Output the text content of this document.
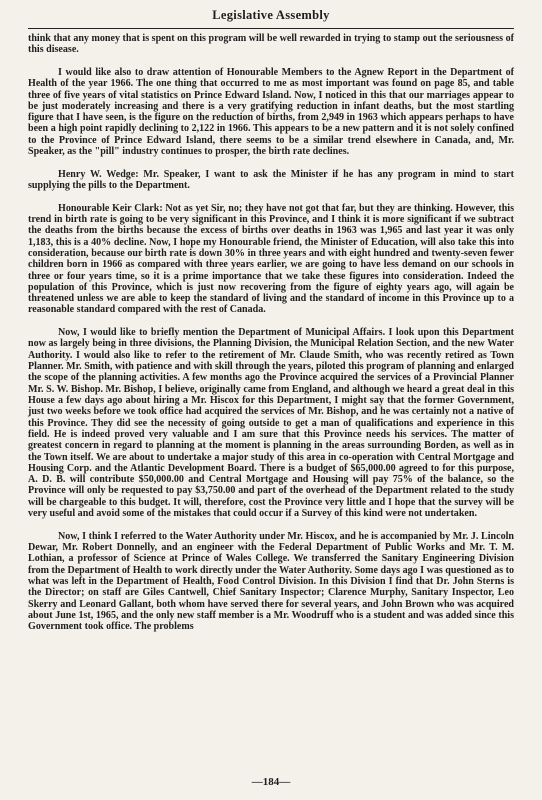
Legislative Assembly

think that any money that is spent on this program will be well rewarded in trying to stamp out the seriousness of this disease.

I would like also to draw attention of Honourable Members to the Agnew Report in the Department of Health of the year 1966. The one thing that occurred to me as most important was found on page 85, and table three of five years of vital statistics on Prince Edward Island. Now, I noticed in this that our marriages appear to be just moderately increasing and there is a very gratifying reduction in infant deaths, but the most startling figure that I have seen, is the figure on the reduction of births, from 2,949 in 1963 which appears perhaps to have been a high point rapidly declining to 2,122 in 1966. This appears to be a new pattern and it is not solely confined to the Province of Prince Edward Island, there seems to be a similar trend elsewhere in Canada, and, Mr. Speaker, as the "pill" industry continues to prosper, the birth rate declines.

Henry W. Wedge: Mr. Speaker, I want to ask the Minister if he has any program in mind to start supplying the pills to the Department.

Honourable Keir Clark: Not as yet Sir, no; they have not got that far, but they are thinking. However, this trend in birth rate is going to be very significant in this Province, and I think it is more significant if we subtract the deaths from the births because the excess of births over deaths in 1963 was 1,965 and last year it was only 1,183, this is a 40% decline. Now, I hope my Honourable friend, the Minister of Education, will also take this into consideration, because our birth rate is down 30% in three years and with eight hundred and twenty-seven fewer children born in 1966 as compared with three years earlier, we are going to have less demand on our schools in three or four years time, so it is a prime importance that we take these figures into consideration. Indeed the population of this Province, which is just now recovering from the figure of eighty years ago, will again be threatened unless we are able to keep the standard of living and the standard of income in this Province up to a reasonable standard compared with the rest of Canada.

Now, I would like to briefly mention the Department of Municipal Affairs. I look upon this Department now as largely being in three divisions, the Planning Division, the Municipal Relation Section, and the new Water Authority. I would also like to refer to the retirement of Mr. Claude Smith, who was recently retired as Town Planner. Mr. Smith, with patience and with skill through the years, piloted this program of planning and enlarged the scope of the planning activities. A few months ago the Province acquired the services of a Provincial Planner Mr. S. W. Bishop. Mr. Bishop, I believe, originally came from England, and although we heard a great deal in this House a few days ago about hiring a Mr. Hiscox for this Department, I might say that the former Government, just two weeks before we took office had acquired the services of Mr. Bishop, and he was certainly not a native of this Province. They did see the necessity of going outside to get a man of qualifications and experience in this field. He is indeed proved very valuable and I am sure that this Province needs his services. The matter of greatest concern in regard to planning at the moment is planning in the areas surrounding Borden, as well as in the Town itself. We are about to undertake a major study of this area in co-operation with Central Mortgage and Housing Corp. and the Atlantic Development Board. There is a budget of $65,000.00 agreed to for this purpose, A. D. B. will contribute $50,000.00 and Central Mortgage and Housing will pay 75% of the balance, so the Province will only be requested to pay $3,750.00 and part of the overhead of the Department related to the study will be chargeable to this budget. It will, therefore, cost the Province very little and I hope that the survey will be very useful and avoid some of the mistakes that could occur if a Survey of this kind were not undertaken.

Now, I think I referred to the Water Authority under Mr. Hiscox, and he is accompanied by Mr. J. Lincoln Dewar, Mr. Robert Donnelly, and an engineer with the Federal Department of Public Works and Mr. T. M. Lothian, a professor of Science at Prince of Wales College. We transferred the Sanitary Engineering Division from the Department of Health to work directly under the Water Authority. Some days ago I was questioned as to what was left in the Department of Health, Food Control Division. In this Division I find that Dr. John Sterns is the Director; on staff are Giles Cantwell, Chief Sanitary Inspector; Clarence Murphy, Sanitary Inspector, Leo Skerry and Leonard Gallant, both whom have served there for several years, and John Brown who was acquired about June 1st, 1965, and the only new staff member is a Mr. Woodruff who is a student and was added since this Government took office. The problems

—184—
